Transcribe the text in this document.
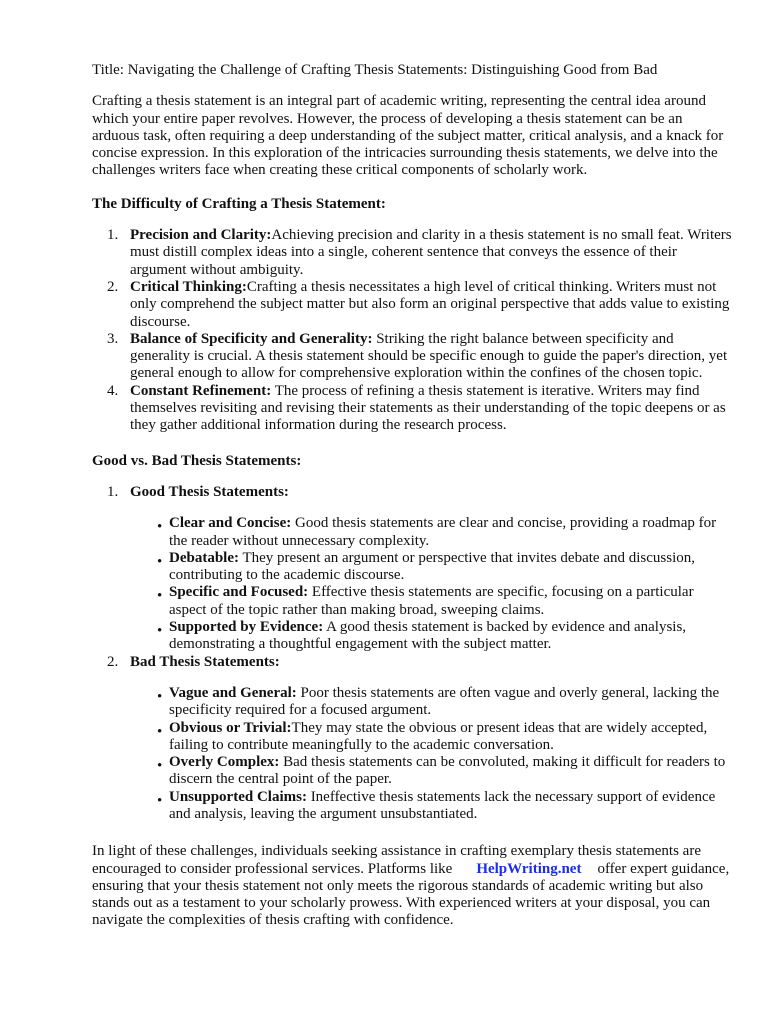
Title: Navigating the Challenge of Crafting Thesis Statements: Distinguishing Good from Bad

Crafting a thesis statement is an integral part of academic writing, representing the central idea around which your entire paper revolves. However, the process of developing a thesis statement can be an arduous task, often requiring a deep understanding of the subject matter, critical analysis, and a knack for concise expression. In this exploration of the intricacies surrounding thesis statements, we delve into the challenges writers face when creating these critical components of scholarly work.

The Difficulty of Crafting a Thesis Statement:

1. Precision and Clarity:Achieving precision and clarity in a thesis statement is no small feat. Writers must distill complex ideas into a single, coherent sentence that conveys the essence of their argument without ambiguity.
2. Critical Thinking:Crafting a thesis necessitates a high level of critical thinking. Writers must not only comprehend the subject matter but also form an original perspective that adds value to existing discourse.
3. Balance of Specificity and Generality: Striking the right balance between specificity and generality is crucial. A thesis statement should be specific enough to guide the paper's direction, yet general enough to allow for comprehensive exploration within the confines of the chosen topic.
4. Constant Refinement: The process of refining a thesis statement is iterative. Writers may find themselves revisiting and revising their statements as their understanding of the topic deepens or as they gather additional information during the research process.

Good vs. Bad Thesis Statements:

1. Good Thesis Statements:
• Clear and Concise: Good thesis statements are clear and concise, providing a roadmap for the reader without unnecessary complexity.
• Debatable: They present an argument or perspective that invites debate and discussion, contributing to the academic discourse.
• Specific and Focused: Effective thesis statements are specific, focusing on a particular aspect of the topic rather than making broad, sweeping claims.
• Supported by Evidence: A good thesis statement is backed by evidence and analysis, demonstrating a thoughtful engagement with the subject matter.
2. Bad Thesis Statements:
• Vague and General: Poor thesis statements are often vague and overly general, lacking the specificity required for a focused argument.
• Obvious or Trivial:They may state the obvious or present ideas that are widely accepted, failing to contribute meaningfully to the academic conversation.
• Overly Complex: Bad thesis statements can be convoluted, making it difficult for readers to discern the central point of the paper.
• Unsupported Claims: Ineffective thesis statements lack the necessary support of evidence and analysis, leaving the argument unsubstantiated.

In light of these challenges, individuals seeking assistance in crafting exemplary thesis statements are encouraged to consider professional services. Platforms like HelpWriting.net offer expert guidance, ensuring that your thesis statement not only meets the rigorous standards of academic writing but also stands out as a testament to your scholarly prowess. With experienced writers at your disposal, you can navigate the complexities of thesis crafting with confidence.
